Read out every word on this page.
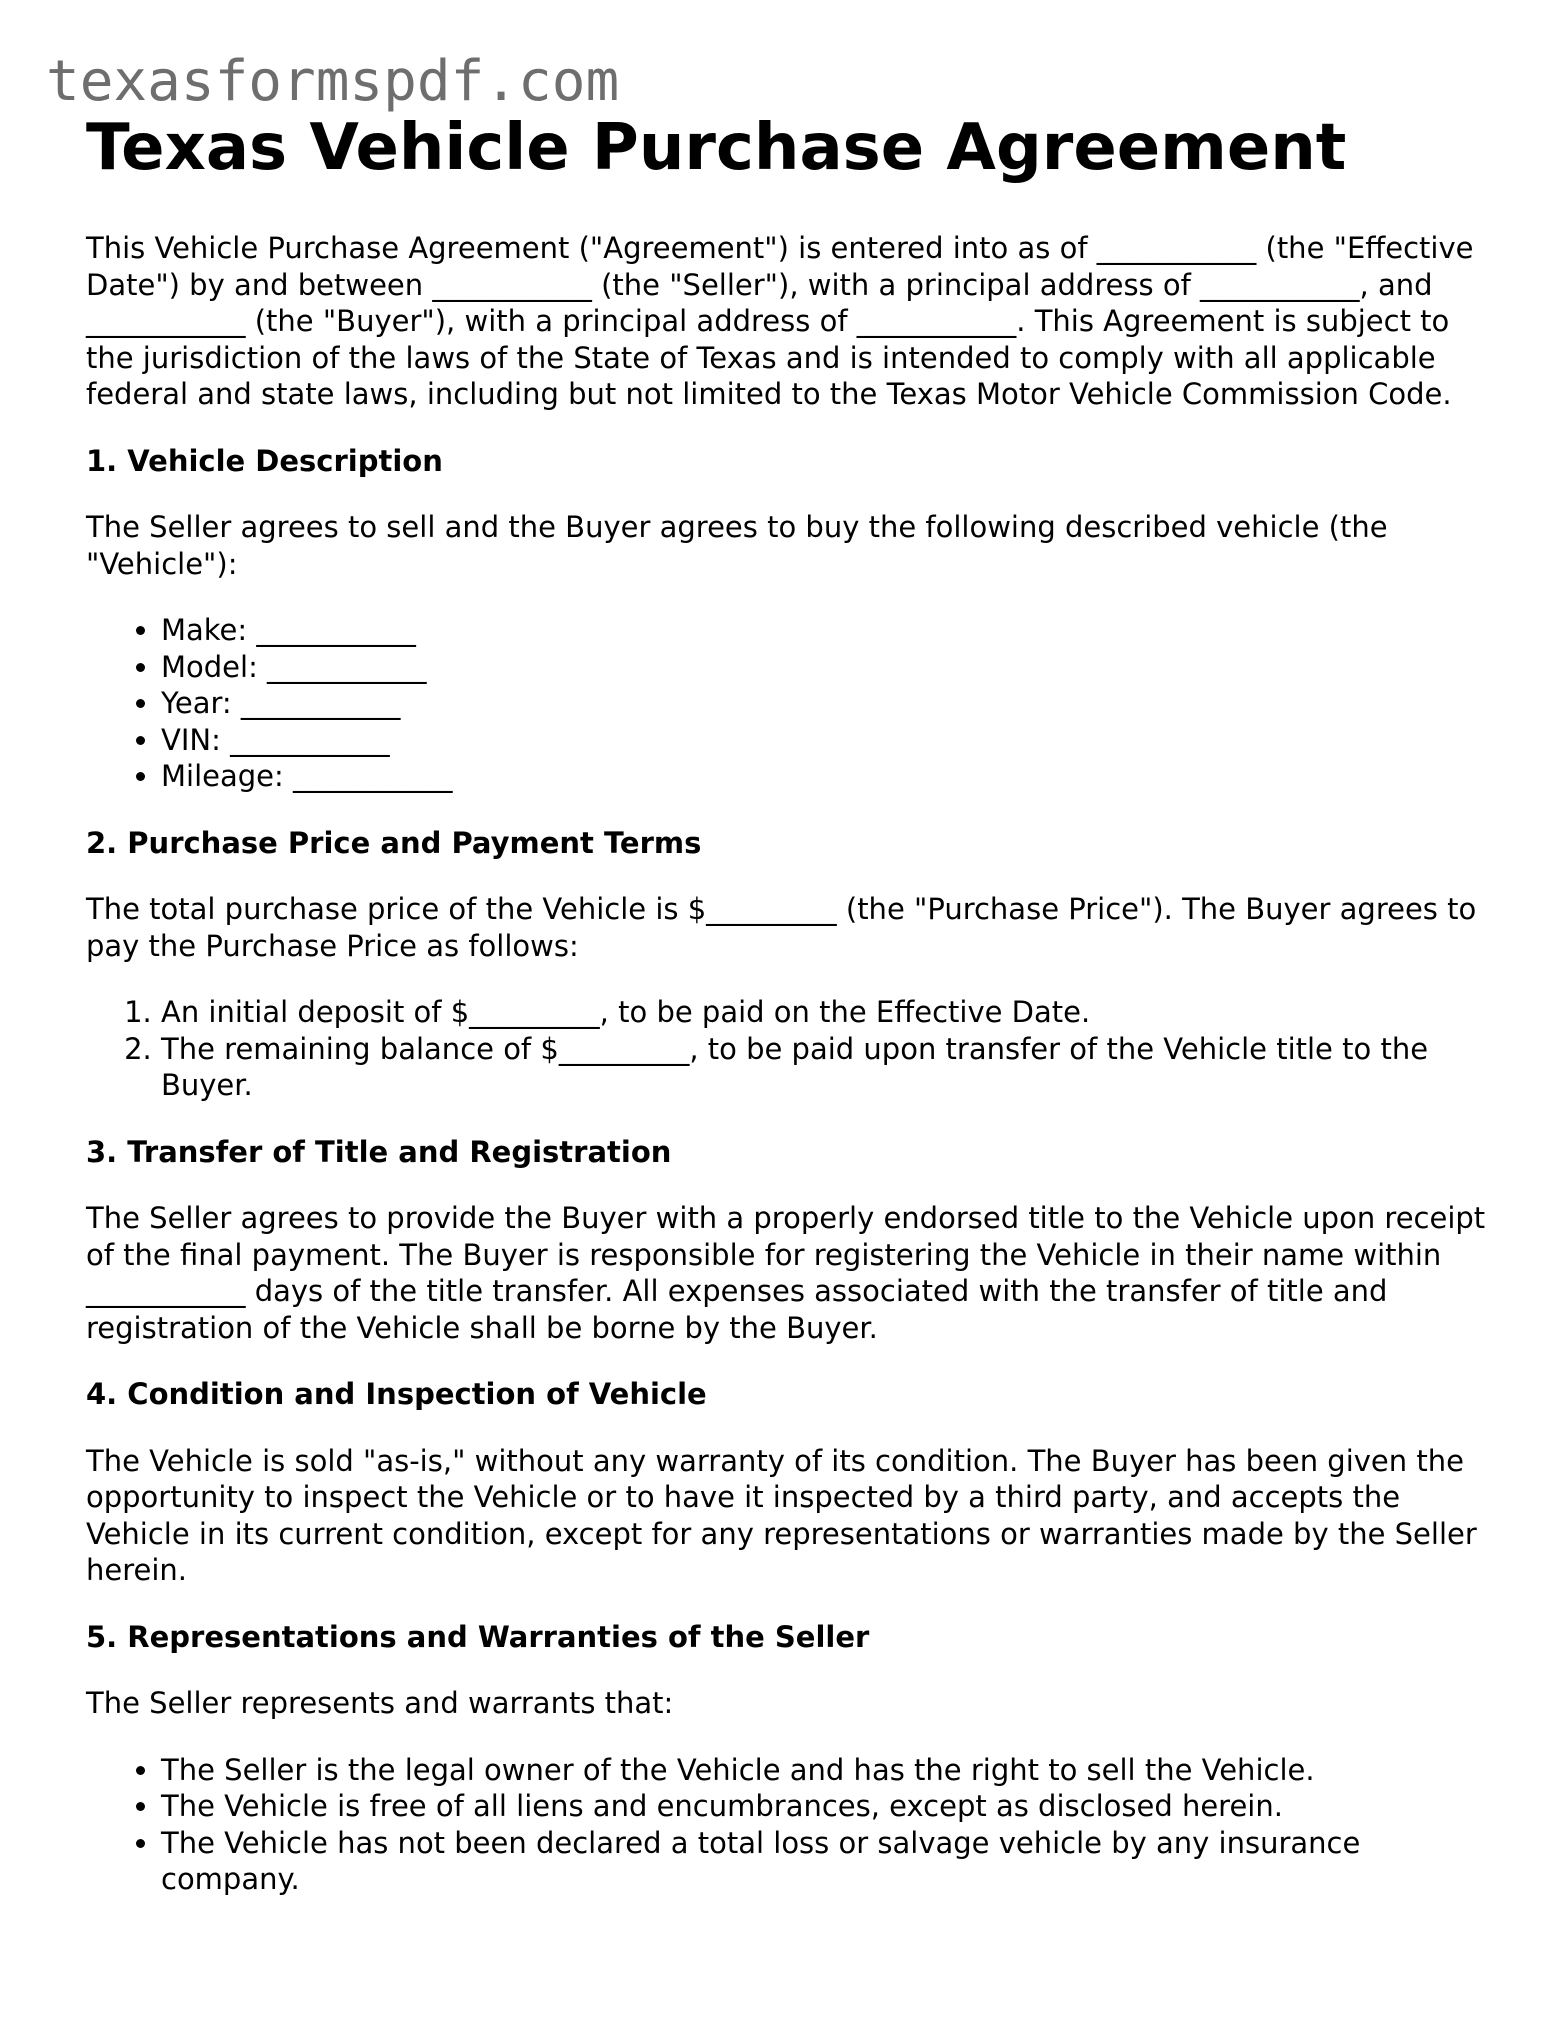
texasformspdf.com
Texas Vehicle Purchase Agreement

This Vehicle Purchase Agreement ("Agreement") is entered into as of ___________ (the "Effective Date") by and between ___________ (the "Seller"), with a principal address of ___________, and ___________ (the "Buyer"), with a principal address of ___________. This Agreement is subject to the jurisdiction of the laws of the State of Texas and is intended to comply with all applicable federal and state laws, including but not limited to the Texas Motor Vehicle Commission Code.

1. Vehicle Description

The Seller agrees to sell and the Buyer agrees to buy the following described vehicle (the "Vehicle"):

• Make: ___________
• Model: ___________
• Year: ___________
• VIN: ___________
• Mileage: ___________
2. Purchase Price and Payment Terms

The total purchase price of the Vehicle is $_________ (the "Purchase Price"). The Buyer agrees to pay the Purchase Price as follows:

1. An initial deposit of $_________, to be paid on the Effective Date.
2. The remaining balance of $_________, to be paid upon transfer of the Vehicle title to the Buyer.
3. Transfer of Title and Registration

The Seller agrees to provide the Buyer with a properly endorsed title to the Vehicle upon receipt of the final payment. The Buyer is responsible for registering the Vehicle in their name within ___________ days of the title transfer. All expenses associated with the transfer of title and registration of the Vehicle shall be borne by the Buyer.

4. Condition and Inspection of Vehicle

The Vehicle is sold "as-is," without any warranty of its condition. The Buyer has been given the opportunity to inspect the Vehicle or to have it inspected by a third party, and accepts the Vehicle in its current condition, except for any representations or warranties made by the Seller herein.

5. Representations and Warranties of the Seller

The Seller represents and warrants that:

• The Seller is the legal owner of the Vehicle and has the right to sell the Vehicle.
• The Vehicle is free of all liens and encumbrances, except as disclosed herein.
• The Vehicle has not been declared a total loss or salvage vehicle by any insurance company.
